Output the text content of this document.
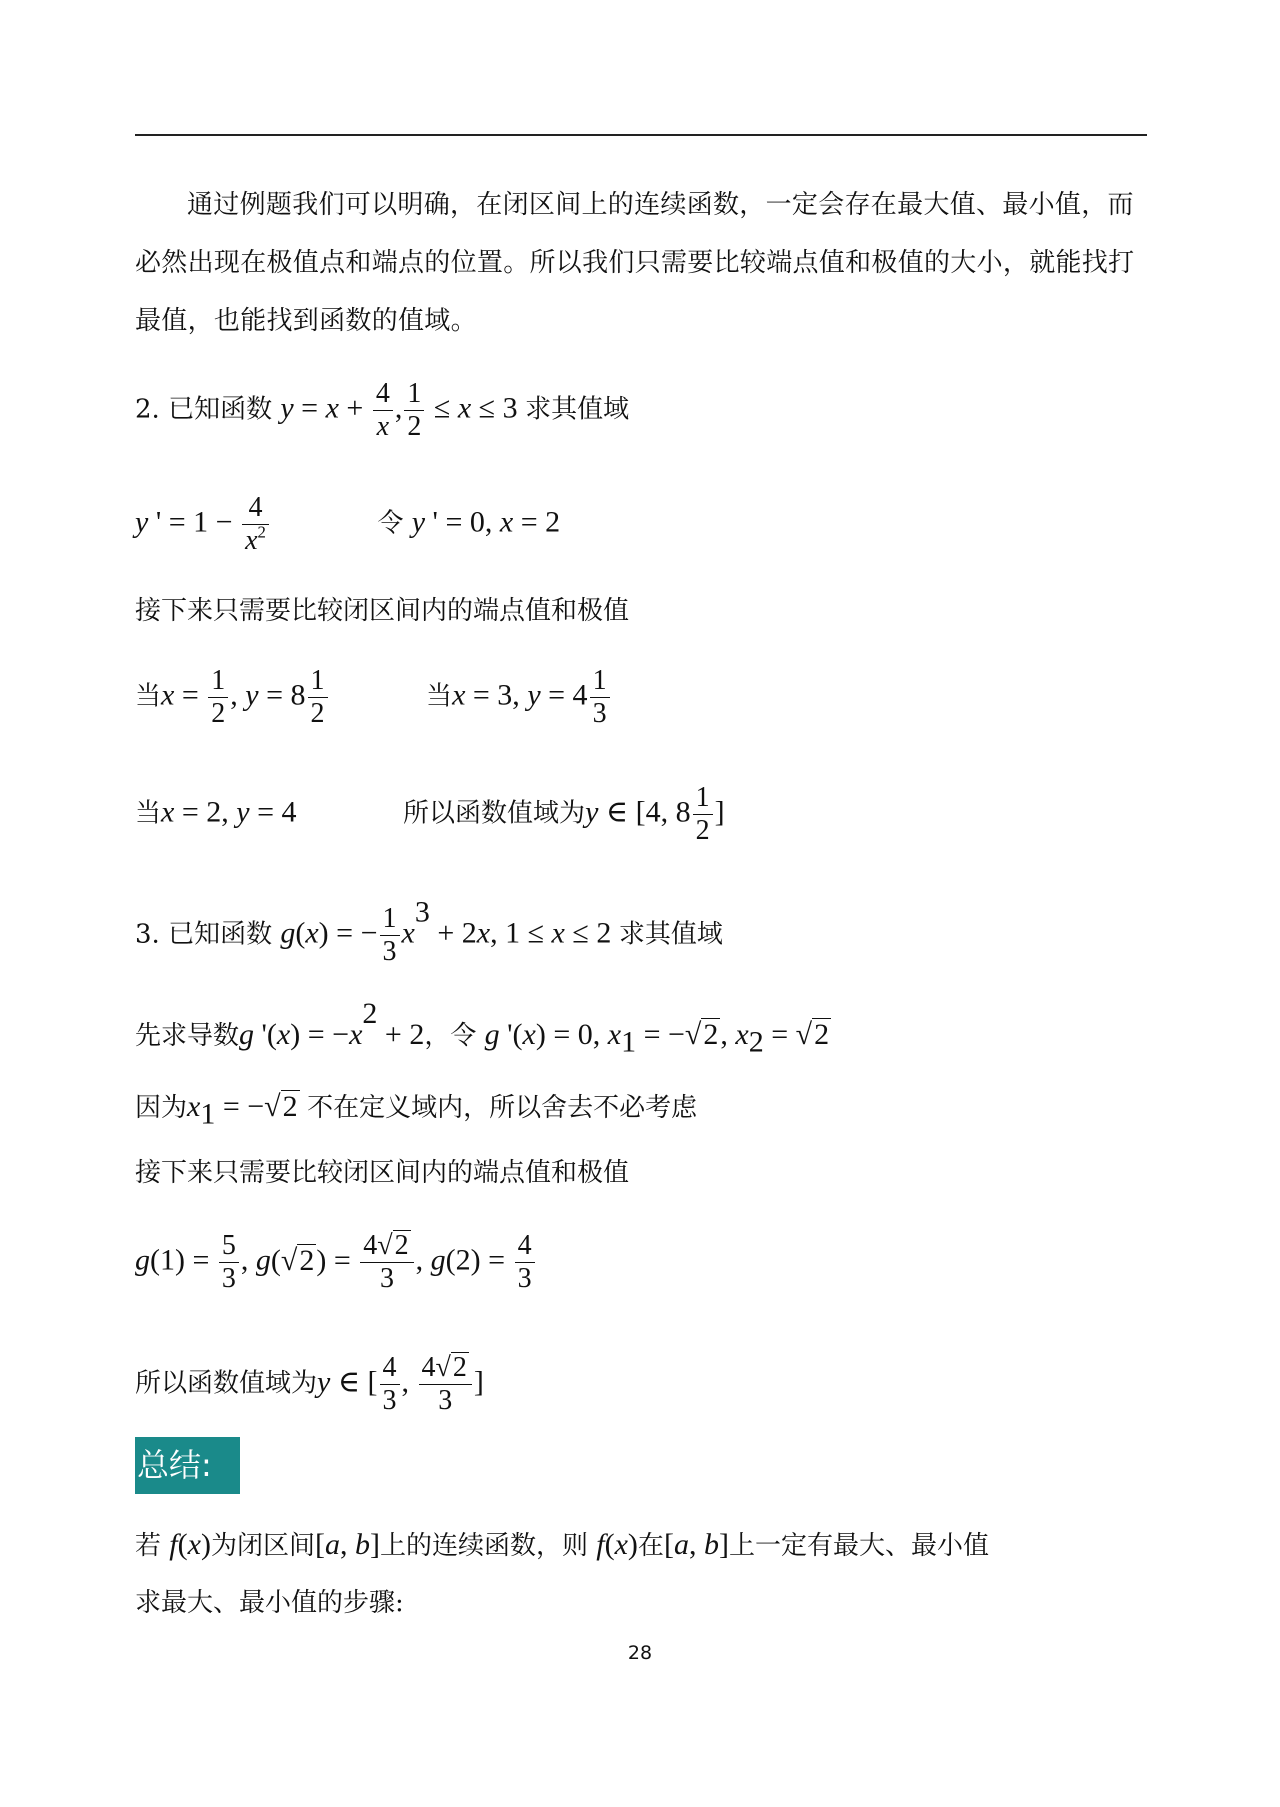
通过例题我们可以明确，在闭区间上的连续函数，一定会存在最大值、最小值，而必然出现在极值点和端点的位置。所以我们只需要比较端点值和极值的大小，就能找打最值，也能找到函数的值域。
2. 已知函数 $y = x + \frac{4}{x}$ , $\frac{1}{2} \le x \le 3$ 求其值域
y ' = $1 - \frac{4}{x^2}$	令 y ' = 0, x = 2
接下来只需要比较闭区间内的端点值和极值
当$x = \frac{1}{2}$ , $y = 8 \frac{1}{2}$	当x = 3, $y = 4 \frac{1}{3}$
当x = 2, y = 4	所以函数值域为y ∈ [4, $8 \frac{1}{2}$ ]
3. 已知函数 g(x) = − $\frac{1}{3} x^3 + 2x$, 1 ≤ x ≤ 2 求其值域
先求导数g '$(x) = -x^2 + 2$，令 g '(x) = 0, $x_1 = -√2$, $x_2 = √2$
因为$x_1 = -√2$ 不在定义域内，所以舍去不必考虑
接下来只需要比较闭区间内的端点值和极值
$g(1) = \frac{5}{3}$ , $g(√2) = \frac{4√2}{3}$ , $g(2) = \frac{4}{3}$
所以函数值域为y ∈ [ $\frac{4}{3}$ , $\frac{4√2}{3}$ ]
总结:
若 f(x)为闭区间[a, b]上的连续函数，则 f(x)在[a, b]上一定有最大、最小值
求最大、最小值的步骤:
28
